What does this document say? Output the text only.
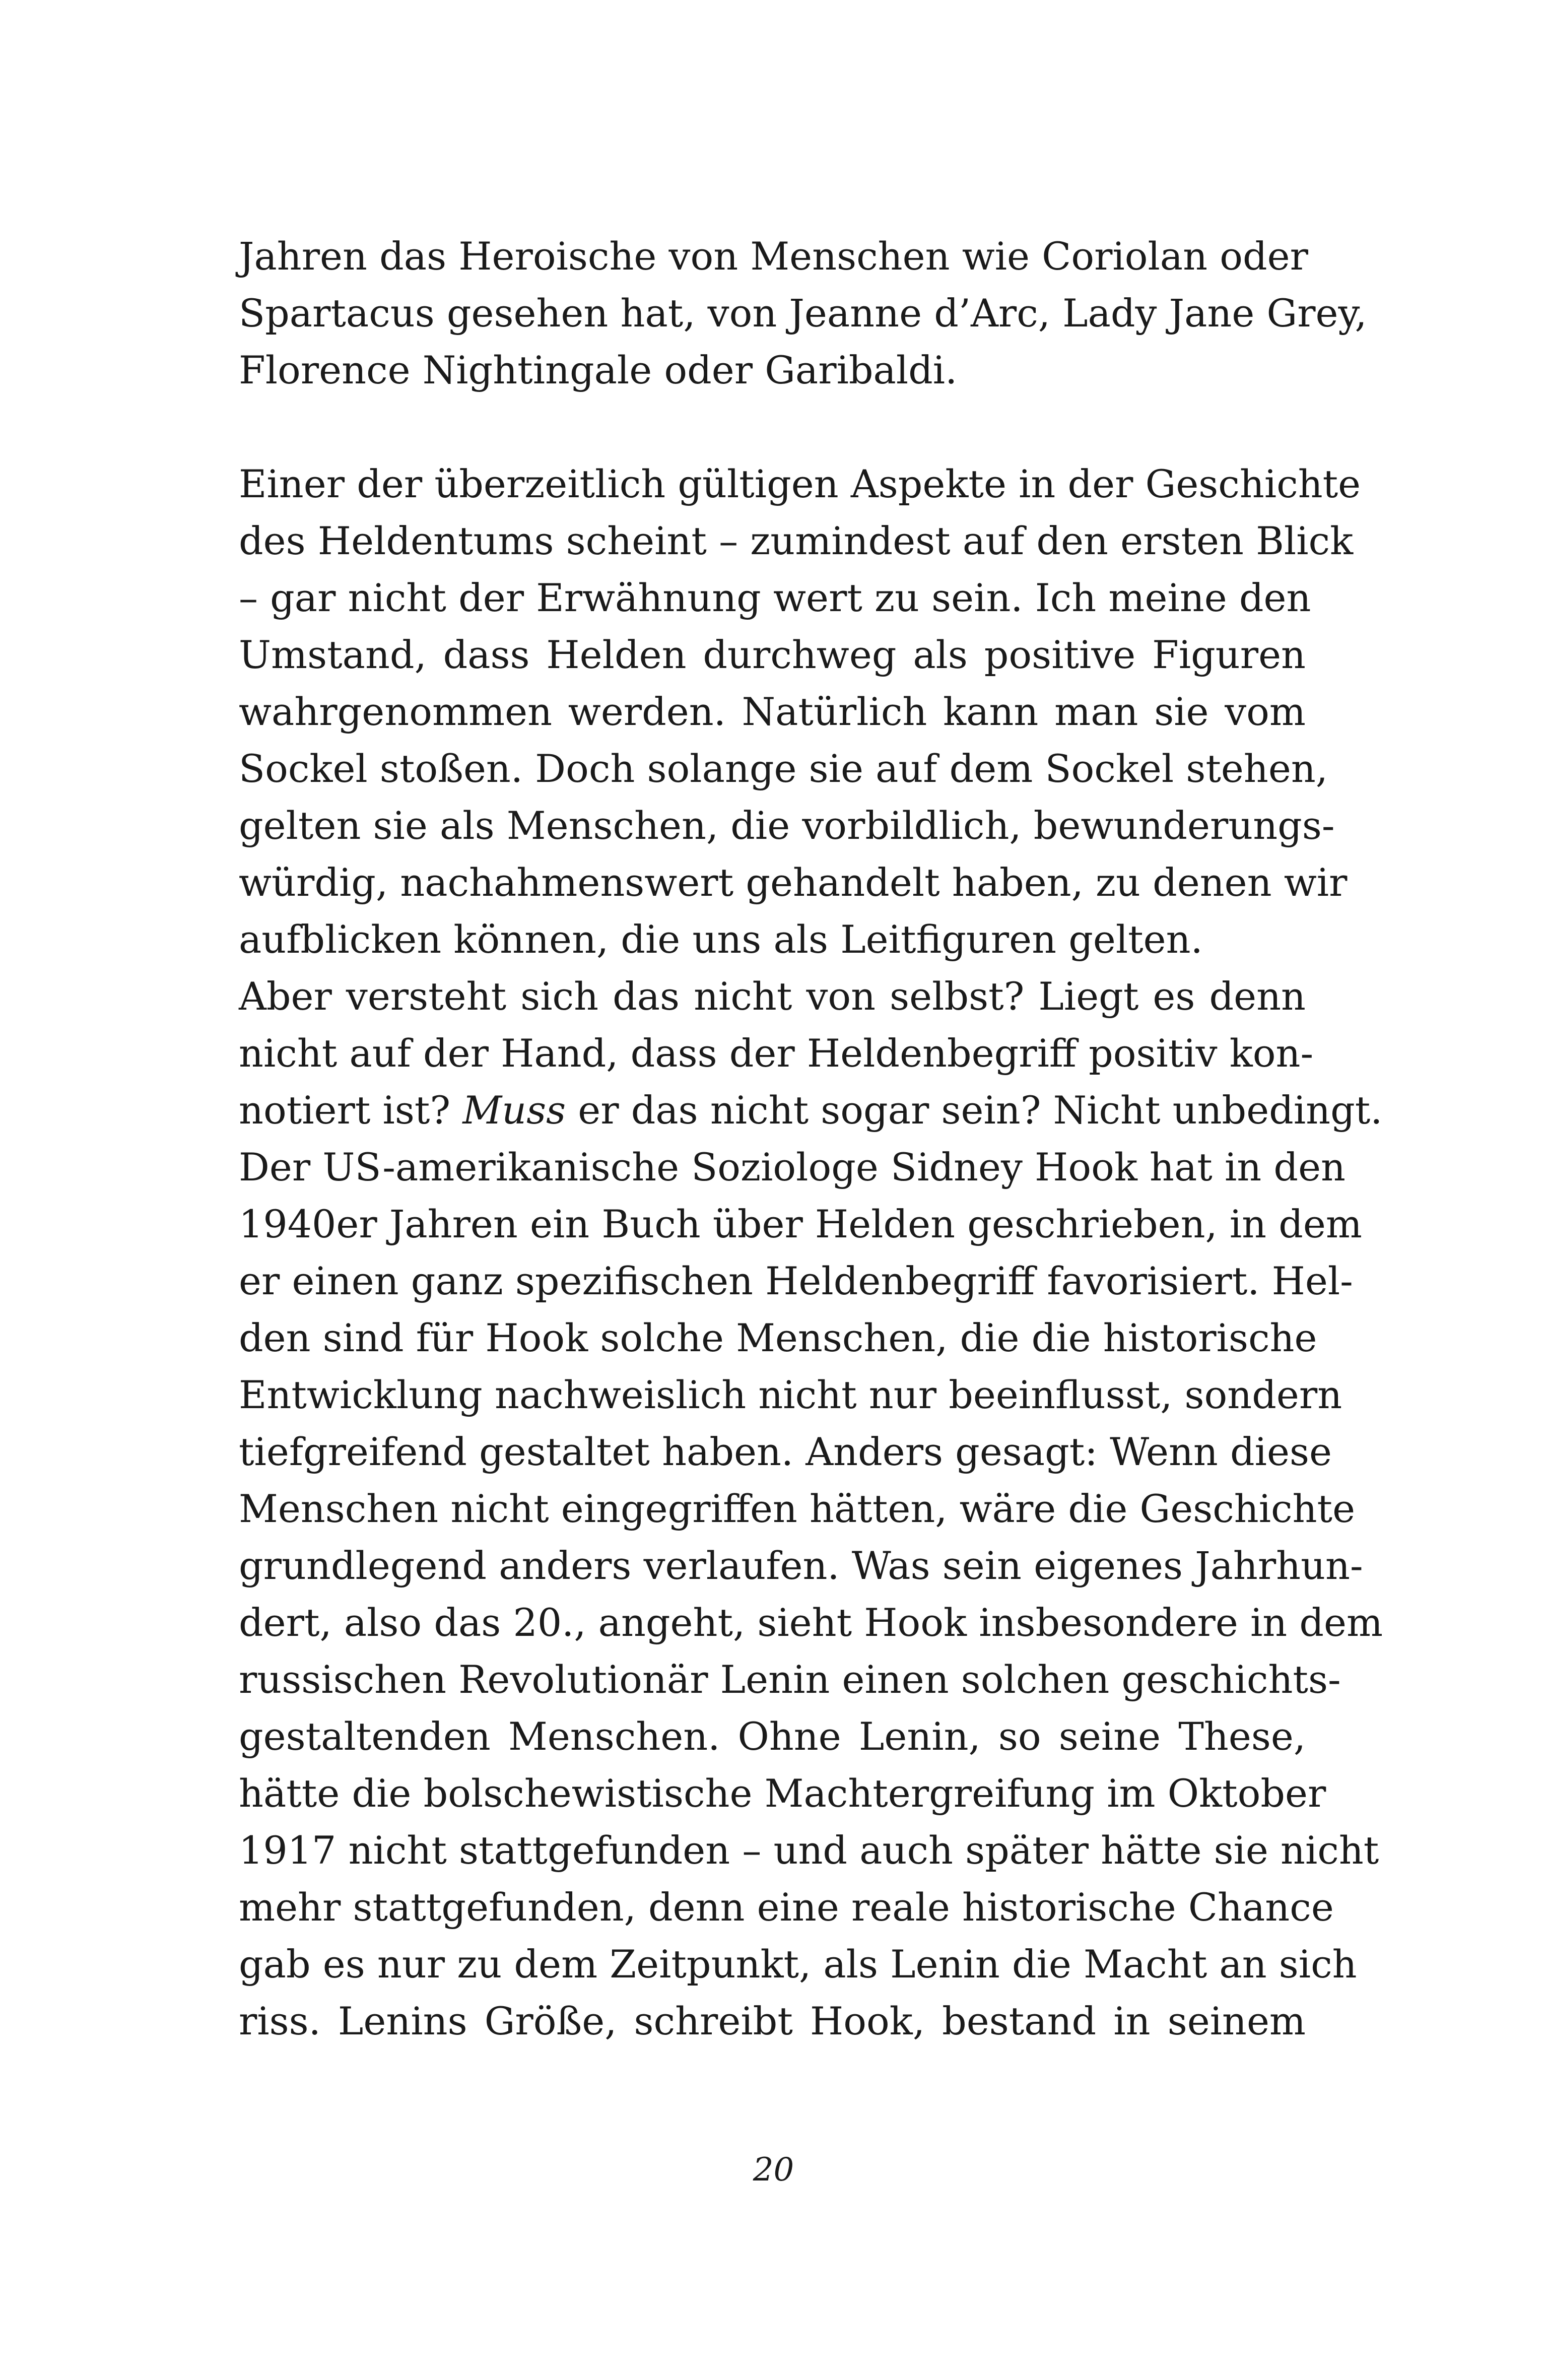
Jahren das Heroische von Menschen wie Coriolan oder
Spartacus gesehen hat, von Jeanne d’Arc, Lady Jane Grey,
Florence Nightingale oder Garibaldi.
Einer der überzeitlich gültigen Aspekte in der Geschichte
des Heldentums scheint – zumindest auf den ersten Blick
– gar nicht der Erwähnung wert zu sein. Ich meine den
Umstand, dass Helden durchweg als positive Figuren
wahrgenommen werden. Natürlich kann man sie vom
Sockel stoßen. Doch solange sie auf dem Sockel stehen,
gelten sie als Menschen, die vorbildlich, bewunderungs-
würdig, nachahmenswert gehandelt haben, zu denen wir
aufblicken können, die uns als Leitfiguren gelten.
Aber versteht sich das nicht von selbst? Liegt es denn
nicht auf der Hand, dass der Heldenbegriff positiv kon-
notiert ist? Muss er das nicht sogar sein? Nicht unbedingt.
Der US-amerikanische Soziologe Sidney Hook hat in den
1940er Jahren ein Buch über Helden geschrieben, in dem
er einen ganz spezifischen Heldenbegriff favorisiert. Hel-
den sind für Hook solche Menschen, die die historische
Entwicklung nachweislich nicht nur beeinflusst, sondern
tiefgreifend gestaltet haben. Anders gesagt: Wenn diese
Menschen nicht eingegriffen hätten, wäre die Geschichte
grundlegend anders verlaufen. Was sein eigenes Jahrhun-
dert, also das 20., angeht, sieht Hook insbesondere in dem
russischen Revolutionär Lenin einen solchen geschichts-
gestaltenden Menschen. Ohne Lenin, so seine These,
hätte die bolschewistische Machtergreifung im Oktober
1917 nicht stattgefunden – und auch später hätte sie nicht
mehr stattgefunden, denn eine reale historische Chance
gab es nur zu dem Zeitpunkt, als Lenin die Macht an sich
riss. Lenins Größe, schreibt Hook, bestand in seinem
20
